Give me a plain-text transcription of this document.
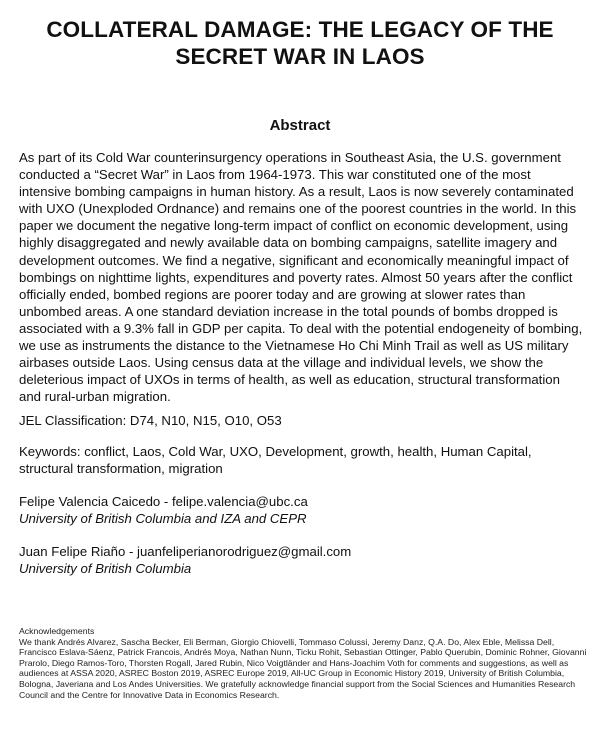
COLLATERAL DAMAGE: THE LEGACY OF THE
SECRET WAR IN LAOS
Abstract

As part of its Cold War counterinsurgency operations in Southeast Asia, the U.S. government conducted a “Secret War” in Laos from 1964-1973. This war constituted one of the most intensive bombing campaigns in human history. As a result, Laos is now severely contaminated with UXO (Unexploded Ordnance) and remains one of the poorest countries in the world. In this paper we document the negative long-term impact of conflict on economic development, using highly disaggregated and newly available data on bombing campaigns, satellite imagery and development outcomes. We find a negative, significant and economically meaningful impact of bombings on nighttime lights, expenditures and poverty rates. Almost 50 years after the conflict officially ended, bombed regions are poorer today and are growing at slower rates than unbombed areas. A one standard deviation increase in the total pounds of bombs dropped is associated with a 9.3% fall in GDP per capita. To deal with the potential endogeneity of bombing, we use as instruments the distance to the Vietnamese Ho Chi Minh Trail as well as US military airbases outside Laos. Using census data at the village and individual levels, we show the deleterious impact of UXOs in terms of health, as well as education, structural transformation and rural-urban migration.

JEL Classification: D74, N10, N15, O10, O53

Keywords: conflict, Laos, Cold War, UXO, Development, growth, health, Human Capital, structural transformation, migration

Felipe Valencia Caicedo - felipe.valencia@ubc.ca
University of British Columbia and IZA and CEPR
Juan Felipe Riaño - juanfeliperianorodriguez@gmail.com
University of British Columbia
Acknowledgements
We thank Andrés Alvarez, Sascha Becker, Eli Berman, Giorgio Chiovelli, Tommaso Colussi, Jeremy Danz, Q.A. Do, Alex Eble, Melissa Dell, Francisco Eslava-Sáenz, Patrick Francois, Andrés Moya, Nathan Nunn, Ticku Rohit, Sebastian Ottinger, Pablo Querubin, Dominic Rohner, Giovanni Prarolo, Diego Ramos-Toro, Thorsten Rogall, Jared Rubin, Nico Voigtländer and Hans-Joachim Voth for comments and suggestions, as well as audiences at ASSA 2020, ASREC Boston 2019, ASREC Europe 2019, All-UC Group in Economic History 2019, University of British Columbia, Bologna, Javeriana and Los Andes Universities. We gratefully acknowledge financial support from the Social Sciences and Humanities Research Council and the Centre for Innovative Data in Economics Research.
